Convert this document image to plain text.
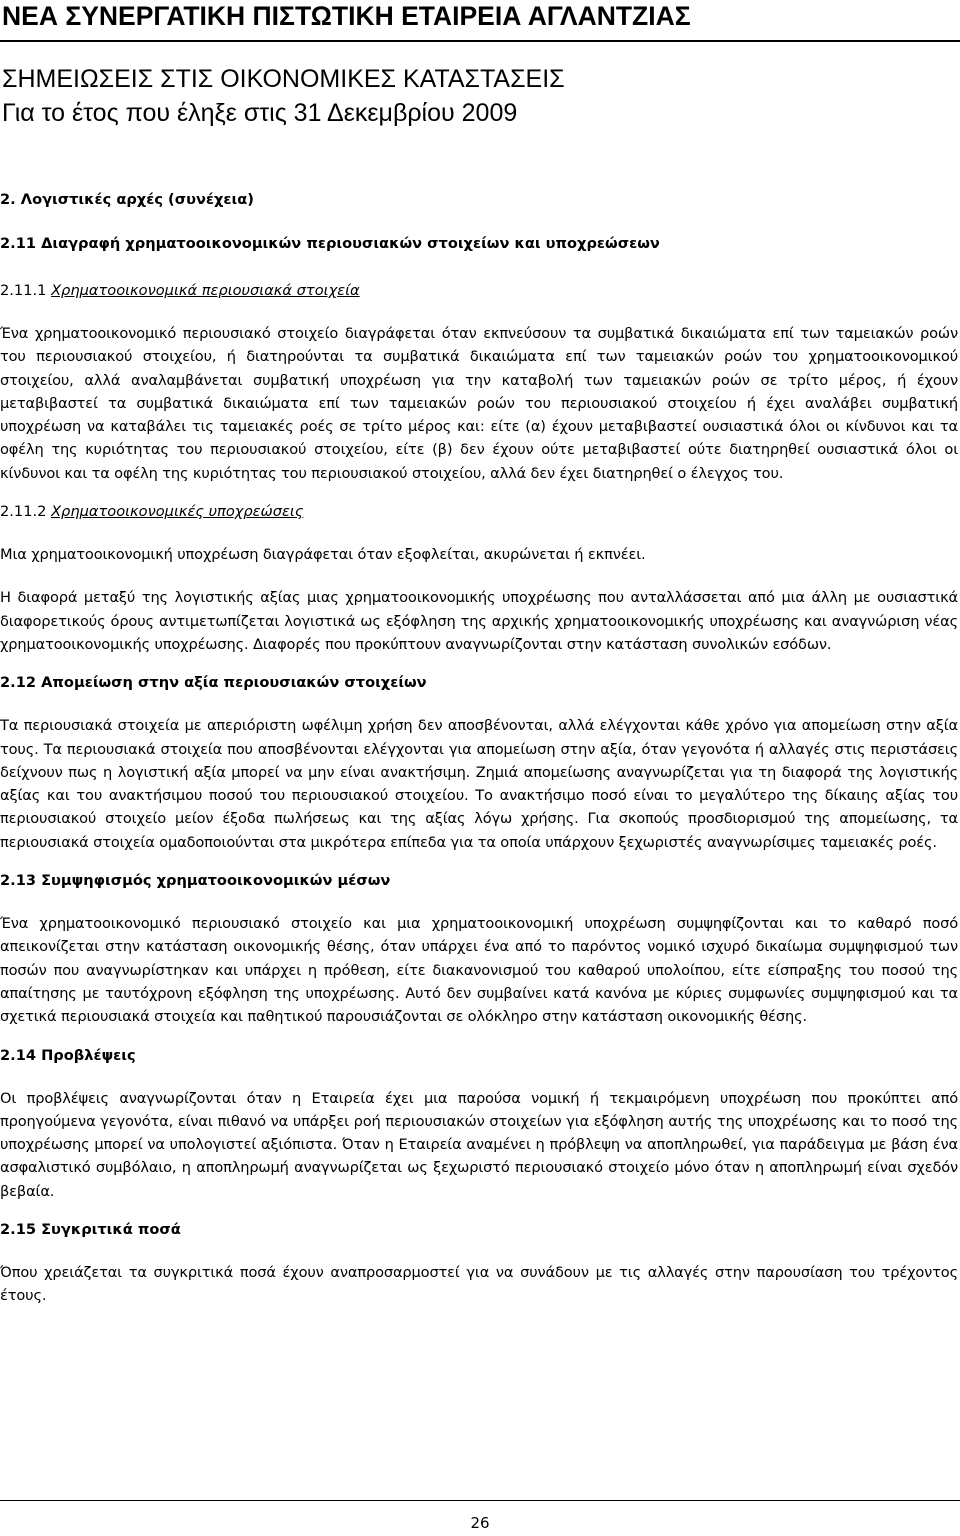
ΝΕΑ ΣΥΝΕΡΓΑΤΙΚΗ ΠΙΣΤΩΤΙΚΗ ΕΤΑΙΡΕΙΑ ΑΓΛΑΝΤΖΙΑΣ
ΣΗΜΕΙΩΣΕΙΣ ΣΤΙΣ ΟΙΚΟΝΟΜΙΚΕΣ ΚΑΤΑΣΤΑΣΕΙΣ
Για το έτος που έληξε στις 31 Δεκεμβρίου 2009

2. Λογιστικές αρχές (συνέχεια)

2.11 Διαγραφή χρηματοοικονομικών περιουσιακών στοιχείων και υποχρεώσεων

2.11.1 Χρηματοοικονομικά περιουσιακά στοιχεία

Ένα χρηματοοικονομικό περιουσιακό στοιχείο διαγράφεται όταν εκπνεύσουν τα συμβατικά δικαιώματα επί των ταμειακών ροών του περιουσιακού στοιχείου, ή διατηρούνται τα συμβατικά δικαιώματα επί των ταμειακών ροών του χρηματοοικονομικού στοιχείου, αλλά αναλαμβάνεται συμβατική υποχρέωση για την καταβολή των ταμειακών ροών σε τρίτο μέρος, ή έχουν μεταβιβαστεί τα συμβατικά δικαιώματα επί των ταμειακών ροών του περιουσιακού στοιχείου ή έχει αναλάβει συμβατική υποχρέωση να καταβάλει τις ταμειακές ροές σε τρίτο μέρος και: είτε (α) έχουν μεταβιβαστεί ουσιαστικά όλοι οι κίνδυνοι και τα οφέλη της κυριότητας του περιουσιακού στοιχείου, είτε (β) δεν έχουν ούτε μεταβιβαστεί ούτε διατηρηθεί ουσιαστικά όλοι οι κίνδυνοι και τα οφέλη της κυριότητας του περιουσιακού στοιχείου, αλλά δεν έχει διατηρηθεί ο έλεγχος του.

2.11.2 Χρηματοοικονομικές υποχρεώσεις

Μια χρηματοοικονομική υποχρέωση διαγράφεται όταν εξοφλείται, ακυρώνεται ή εκπνέει.

Η διαφορά μεταξύ της λογιστικής αξίας μιας χρηματοοικονομικής υποχρέωσης που ανταλλάσσεται από μια άλλη με ουσιαστικά διαφορετικούς όρους αντιμετωπίζεται λογιστικά ως εξόφληση της αρχικής χρηματοοικονομικής υποχρέωσης και αναγνώριση νέας χρηματοοικονομικής υποχρέωσης. Διαφορές που προκύπτουν αναγνωρίζονται στην κατάσταση συνολικών εσόδων.

2.12 Απομείωση στην αξία περιουσιακών στοιχείων

Τα περιουσιακά στοιχεία με απεριόριστη ωφέλιμη χρήση δεν αποσβένονται, αλλά ελέγχονται κάθε χρόνο για απομείωση στην αξία τους. Τα περιουσιακά στοιχεία που αποσβένονται ελέγχονται για απομείωση στην αξία, όταν γεγονότα ή αλλαγές στις περιστάσεις δείχνουν πως η λογιστική αξία μπορεί να μην είναι ανακτήσιμη. Ζημιά απομείωσης αναγνωρίζεται για τη διαφορά της λογιστικής αξίας και του ανακτήσιμου ποσού του περιουσιακού στοιχείου. Το ανακτήσιμο ποσό είναι το μεγαλύτερο της δίκαιης αξίας του περιουσιακού στοιχείο μείον έξοδα πωλήσεως και της αξίας λόγω χρήσης. Για σκοπούς προσδιορισμού της απομείωσης, τα περιουσιακά στοιχεία ομαδοποιούνται στα μικρότερα επίπεδα για τα οποία υπάρχουν ξεχωριστές αναγνωρίσιμες ταμειακές ροές.

2.13 Συμψηφισμός χρηματοοικονομικών μέσων

Ένα χρηματοοικονομικό περιουσιακό στοιχείο και μια χρηματοοικονομική υποχρέωση συμψηφίζονται και το καθαρό ποσό απεικονίζεται στην κατάσταση οικονομικής θέσης, όταν υπάρχει ένα από το παρόντος νομικό ισχυρό δικαίωμα συμψηφισμού των ποσών που αναγνωρίστηκαν και υπάρχει η πρόθεση, είτε διακανονισμού του καθαρού υπολοίπου, είτε είσπραξης του ποσού της απαίτησης με ταυτόχρονη εξόφληση της υποχρέωσης. Αυτό δεν συμβαίνει κατά κανόνα με κύριες συμφωνίες συμψηφισμού και τα σχετικά περιουσιακά στοιχεία και παθητικού παρουσιάζονται σε ολόκληρο στην κατάσταση οικονομικής θέσης.

2.14 Προβλέψεις

Οι προβλέψεις αναγνωρίζονται όταν η Εταιρεία έχει μια παρούσα νομική ή τεκμαιρόμενη υποχρέωση που προκύπτει από προηγούμενα γεγονότα, είναι πιθανό να υπάρξει ροή περιουσιακών στοιχείων για εξόφληση αυτής της υποχρέωσης και το ποσό της υποχρέωσης μπορεί να υπολογιστεί αξιόπιστα. Όταν η Εταιρεία αναμένει η πρόβλεψη να αποπληρωθεί, για παράδειγμα με βάση ένα ασφαλιστικό συμβόλαιο, η αποπληρωμή αναγνωρίζεται ως ξεχωριστό περιουσιακό στοιχείο μόνο όταν η αποπληρωμή είναι σχεδόν βεβαία.

2.15 Συγκριτικά ποσά

Όπου χρειάζεται τα συγκριτικά ποσά έχουν αναπροσαρμοστεί για να συνάδουν με τις αλλαγές στην παρουσίαση του τρέχοντος έτους.

26
